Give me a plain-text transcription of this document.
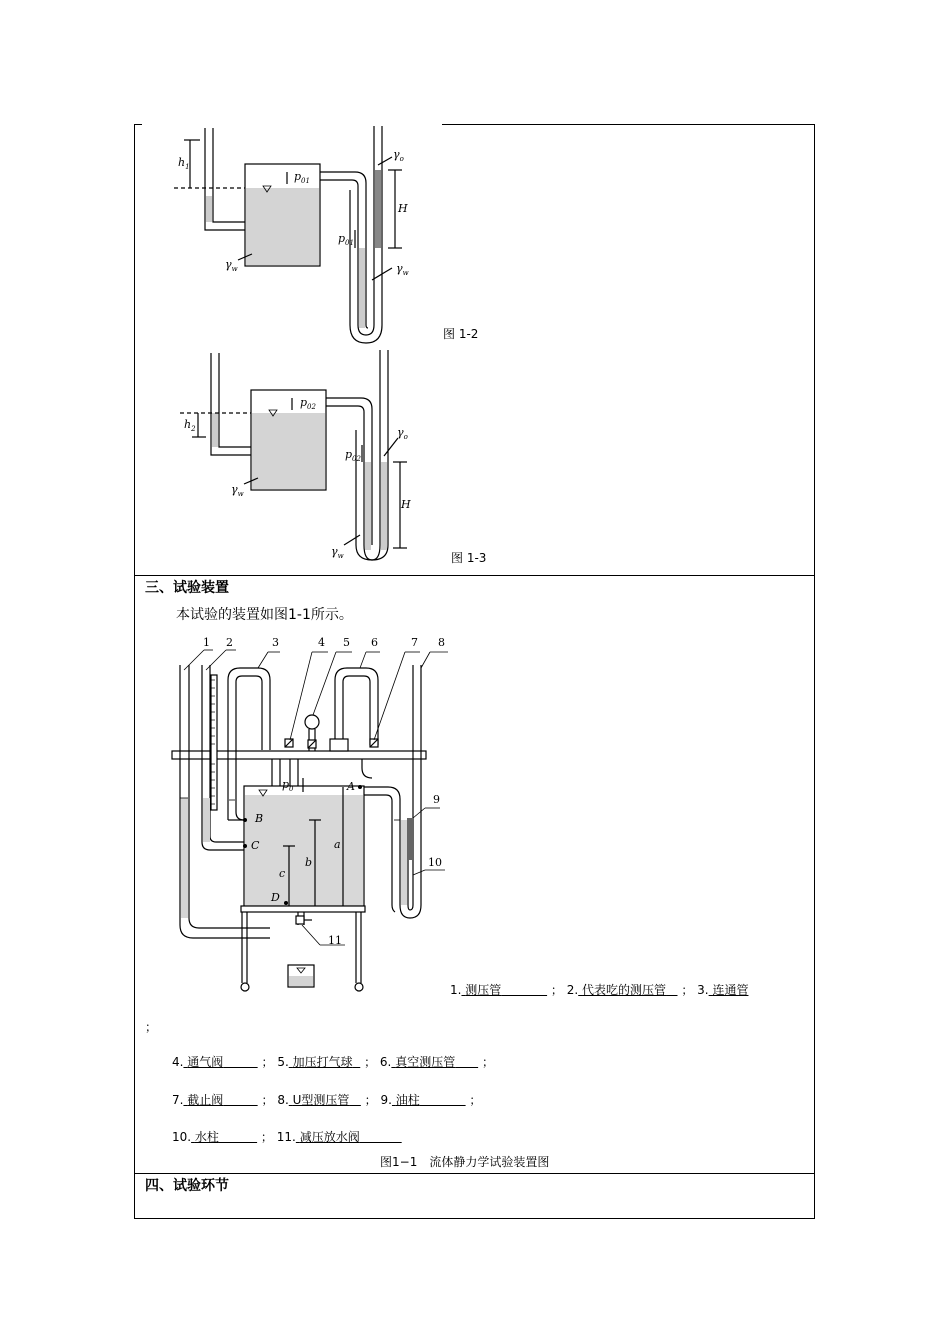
$h_1$
$p_{01}$
$p_{01}$
$\gamma_o$
H
$\gamma_w$	$\gamma_w$
图 1-2
$h_2$
$p_{02}$
$p_{02}$
$\gamma_o$
H
$\gamma_w$
$\gamma_w$	图 1-3
三、试验装置
本试验的装置如图1-1所示。
1 2	3	4 5 6	7 8
9
10
11
A
B
C
D
a
b
c
$p_0$
1. 测压管	； 2. 代表吃的测压管 ； 3. 连通管
；
4. 通气阀	； 5. 加压打气球 ； 6. 真空测压管 ；
7. 截止阀	； 8. U型测压管 ； 9. 油柱	；
10. 水柱	； 11. 减压放水阀
图1−1　流体静力学试验装置图
四、试验环节
